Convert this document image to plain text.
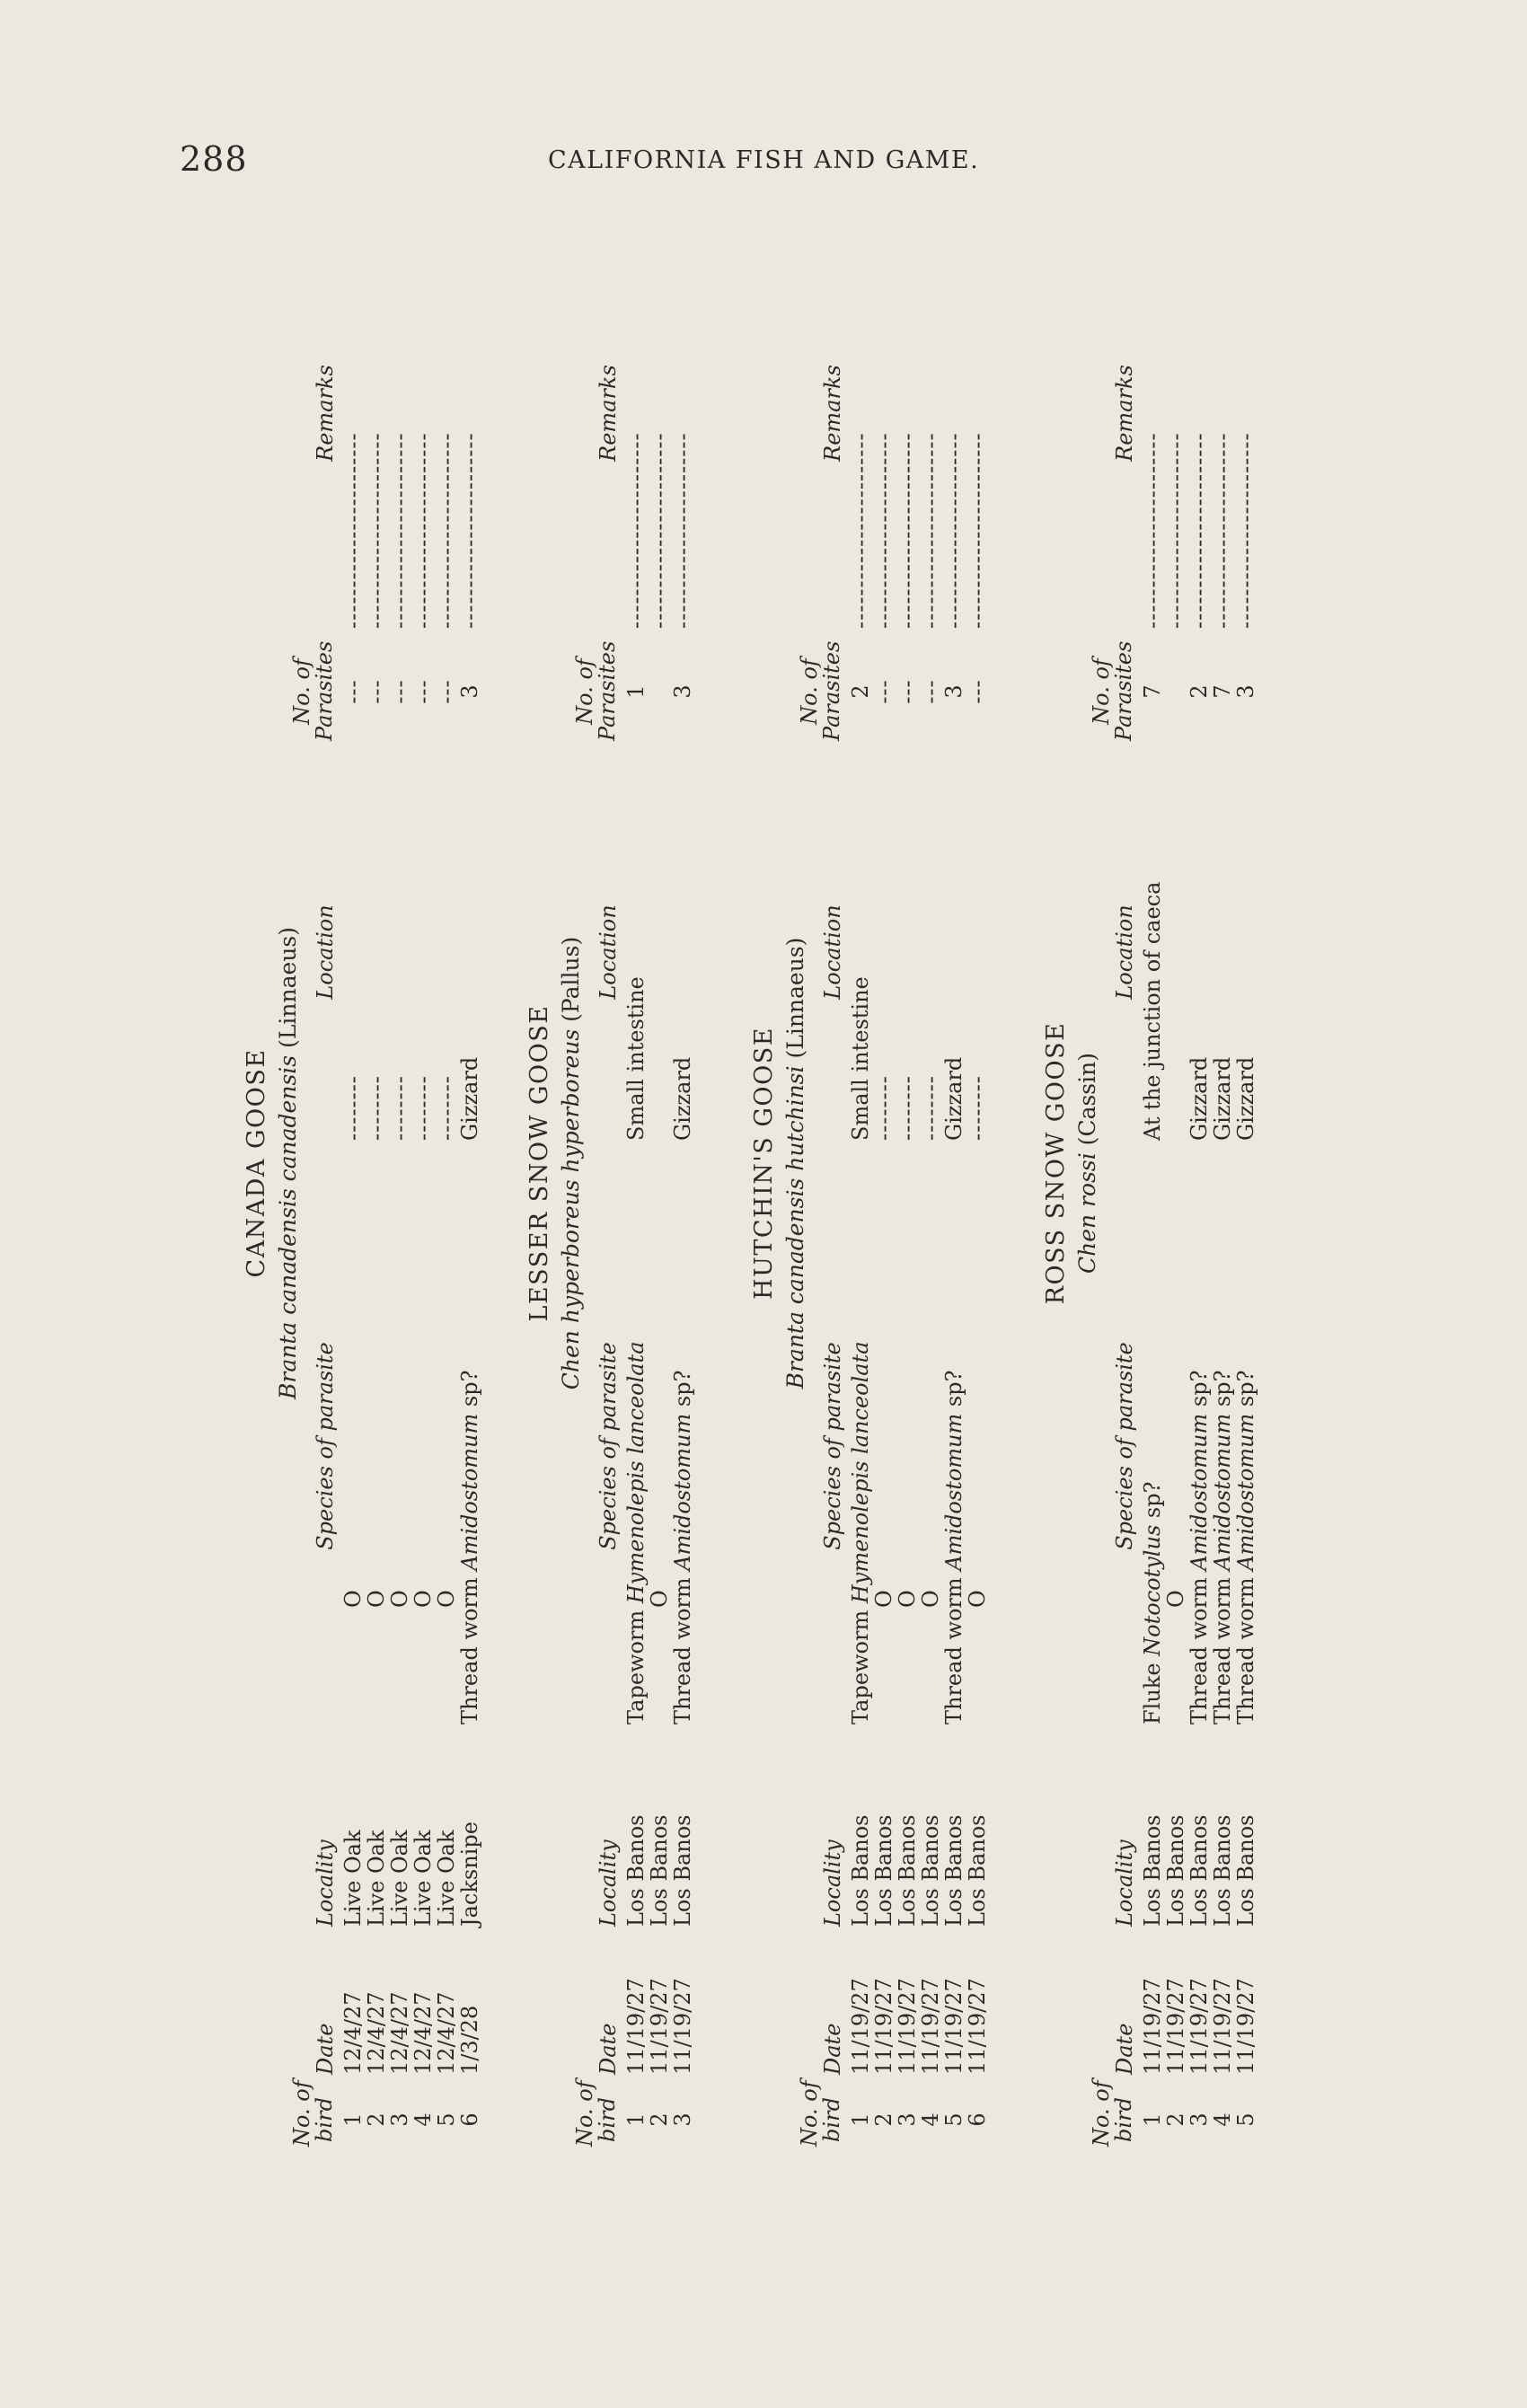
288	CALIFORNIA FISH AND GAME.
CANADA GOOSE Branta canadensis canadensis (Linnaeus)
No. of
bird
Date
Locality
Species of parasite
Location
No. of
Parasites
Remarks
1
12/4/27
Live Oak
O
--------
---
------------------------
2
12/4/27
Live Oak
O
--------
---
------------------------
3
12/4/27
Live Oak
O
--------
---
------------------------
4
12/4/27
Live Oak
O
--------
---
------------------------
5
12/4/27
Live Oak
O
--------
---
------------------------
6
1/3/28
Jacksnipe
Thread worm Amidostomum sp?
Gizzard
3
------------------------
LESSER SNOW GOOSE Chen hyperboreus hyperboreus (Pallus)
No. of
bird
Date
Locality
Species of parasite
Location
No. of
Parasites
Remarks
1
11/19/27
Los Banos
Tapeworm Hymenolepis lanceolata
Small intestine
1
------------------------
2
11/19/27
Los Banos
O
------------------------
3
11/19/27
Los Banos
Thread worm Amidostomum sp?
Gizzard
3
------------------------
HUTCHIN'S GOOSE Branta canadensis hutchinsi (Linnaeus)
No. of
bird
Date
Locality
Species of parasite
Location
No. of
Parasites
Remarks
1
11/19/27
Los Banos
Tapeworm Hymenolepis lanceolata
Small intestine
2
------------------------
2
11/19/27
Los Banos
O
--------
---
------------------------
3
11/19/27
Los Banos
O
--------
---
------------------------
4
11/19/27
Los Banos
O
--------
---
------------------------
5
11/19/27
Los Banos
Thread worm Amidostomum sp?
Gizzard
3
------------------------
6
11/19/27
Los Banos
O
--------
---
------------------------
ROSS SNOW GOOSE Chen rossi (Cassin)
No. of
bird
Date
Locality
Species of parasite
Location
No. of
Parasites
Remarks
1
11/19/27
Los Banos
Fluke Notocotylus sp?
At the junction of caeca
7
------------------------
2
11/19/27
Los Banos
O
------------------------
3
11/19/27
Los Banos
Thread worm Amidostomum sp?
Gizzard
2
------------------------
4
11/19/27
Los Banos
Thread worm Amidostomum sp?
Gizzard
7
------------------------
5
11/19/27
Los Banos
Thread worm Amidostomum sp?
Gizzard
3
------------------------
